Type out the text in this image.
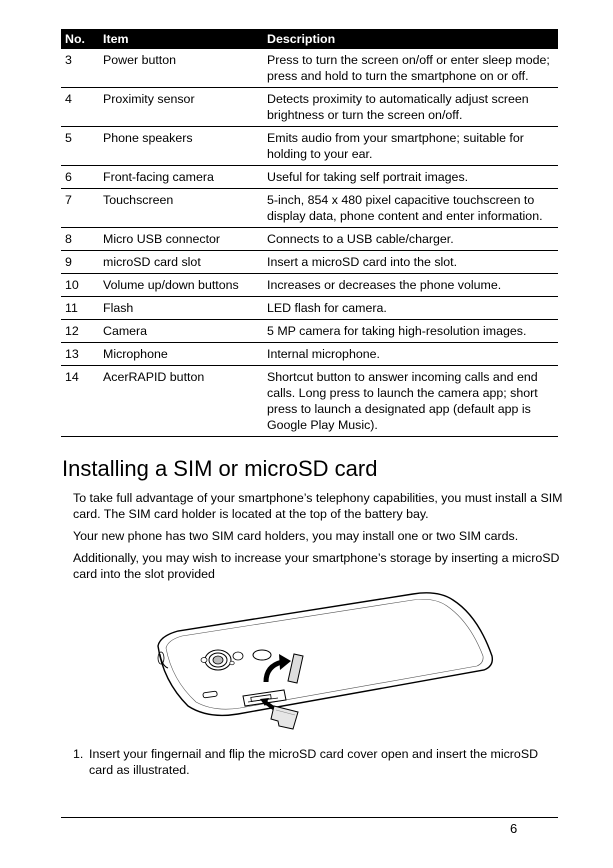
No.	Item	Description
3	Power button	Press to turn the screen on/off or enter sleep mode; press and hold to turn the smartphone on or off.
4	Proximity sensor	Detects proximity to automatically adjust screen brightness or turn the screen on/off.
5	Phone speakers	Emits audio from your smartphone; suitable for holding to your ear.
6	Front-facing camera	Useful for taking self portrait images.
7	Touchscreen	5-inch, 854 x 480 pixel capacitive touchscreen to display data, phone content and enter information.
8	Micro USB connector	Connects to a USB cable/charger.
9	microSD card slot	Insert a microSD card into the slot.
10	Volume up/down buttons	Increases or decreases the phone volume.
11	Flash	LED flash for camera.
12	Camera	5 MP camera for taking high-resolution images.
13	Microphone	Internal microphone.
14	AcerRAPID button	Shortcut button to answer incoming calls and end calls. Long press to launch the camera app; short press to launch a designated app (default app is Google Play Music).
Installing a SIM or microSD card

To take full advantage of your smartphone’s telephony capabilities, you must install a SIM card. The SIM card holder is located at the top of the battery bay.

Your new phone has two SIM card holders, you may install one or two SIM cards.

Additionally, you may wish to increase your smartphone’s storage by inserting a microSD card into the slot provided

1. Insert your fingernail and flip the microSD card cover open and insert the microSD card as illustrated.
6
